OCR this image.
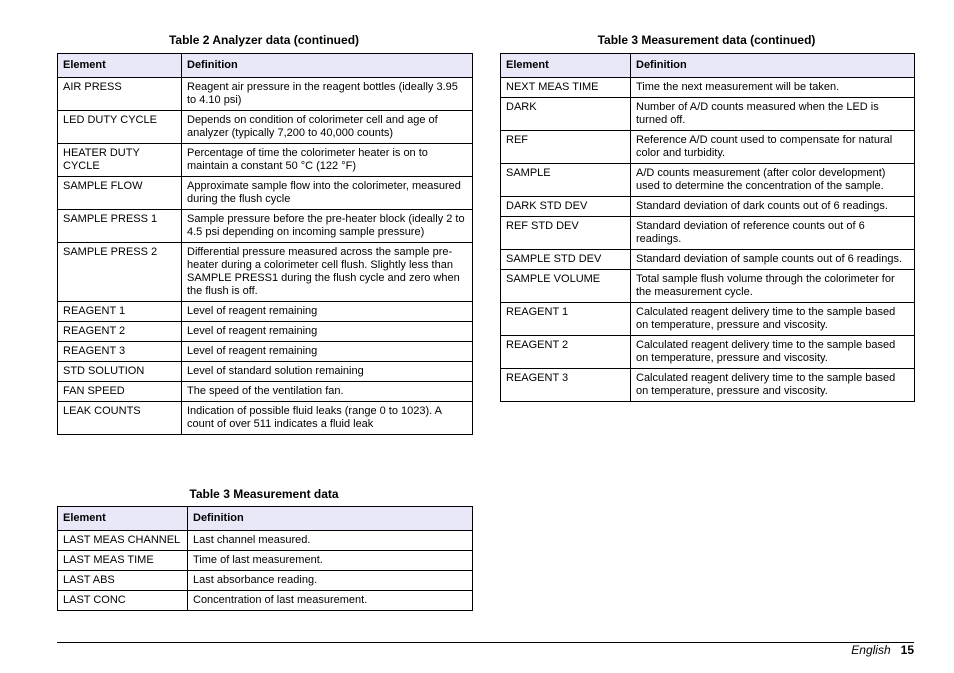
Table 2 Analyzer data (continued)
Element	Definition
AIR PRESS	Reagent air pressure in the reagent bottles (ideally 3.95 to 4.10 psi)
LED DUTY CYCLE	Depends on condition of colorimeter cell and age of analyzer (typically 7,200 to 40,000 counts)
HEATER DUTY CYCLE	Percentage of time the colorimeter heater is on to maintain a constant 50 °C (122 °F)
SAMPLE FLOW	Approximate sample flow into the colorimeter, measured during the flush cycle
SAMPLE PRESS 1	Sample pressure before the pre-heater block (ideally 2 to 4.5 psi depending on incoming sample pressure)
SAMPLE PRESS 2	Differential pressure measured across the sample pre-heater during a colorimeter cell flush. Slightly less than SAMPLE PRESS1 during the flush cycle and zero when the flush is off.
REAGENT 1	Level of reagent remaining
REAGENT 2	Level of reagent remaining
REAGENT 3	Level of reagent remaining
STD SOLUTION	Level of standard solution remaining
FAN SPEED	The speed of the ventilation fan.
LEAK COUNTS	Indication of possible fluid leaks (range 0 to 1023). A count of over 511 indicates a fluid leak
Table 3 Measurement data
Element	Definition
LAST MEAS CHANNEL	Last channel measured.
LAST MEAS TIME	Time of last measurement.
LAST ABS	Last absorbance reading.
LAST CONC	Concentration of last measurement.
Table 3 Measurement data (continued)
Element	Definition
NEXT MEAS TIME	Time the next measurement will be taken.
DARK	Number of A/D counts measured when the LED is turned off.
REF	Reference A/D count used to compensate for natural color and turbidity.
SAMPLE	A/D counts measurement (after color development) used to determine the concentration of the sample.
DARK STD DEV	Standard deviation of dark counts out of 6 readings.
REF STD DEV	Standard deviation of reference counts out of 6 readings.
SAMPLE STD DEV	Standard deviation of sample counts out of 6 readings.
SAMPLE VOLUME	Total sample flush volume through the colorimeter for the measurement cycle.
REAGENT 1	Calculated reagent delivery time to the sample based on temperature, pressure and viscosity.
REAGENT 2	Calculated reagent delivery time to the sample based on temperature, pressure and viscosity.
REAGENT 3	Calculated reagent delivery time to the sample based on temperature, pressure and viscosity.
English 15
